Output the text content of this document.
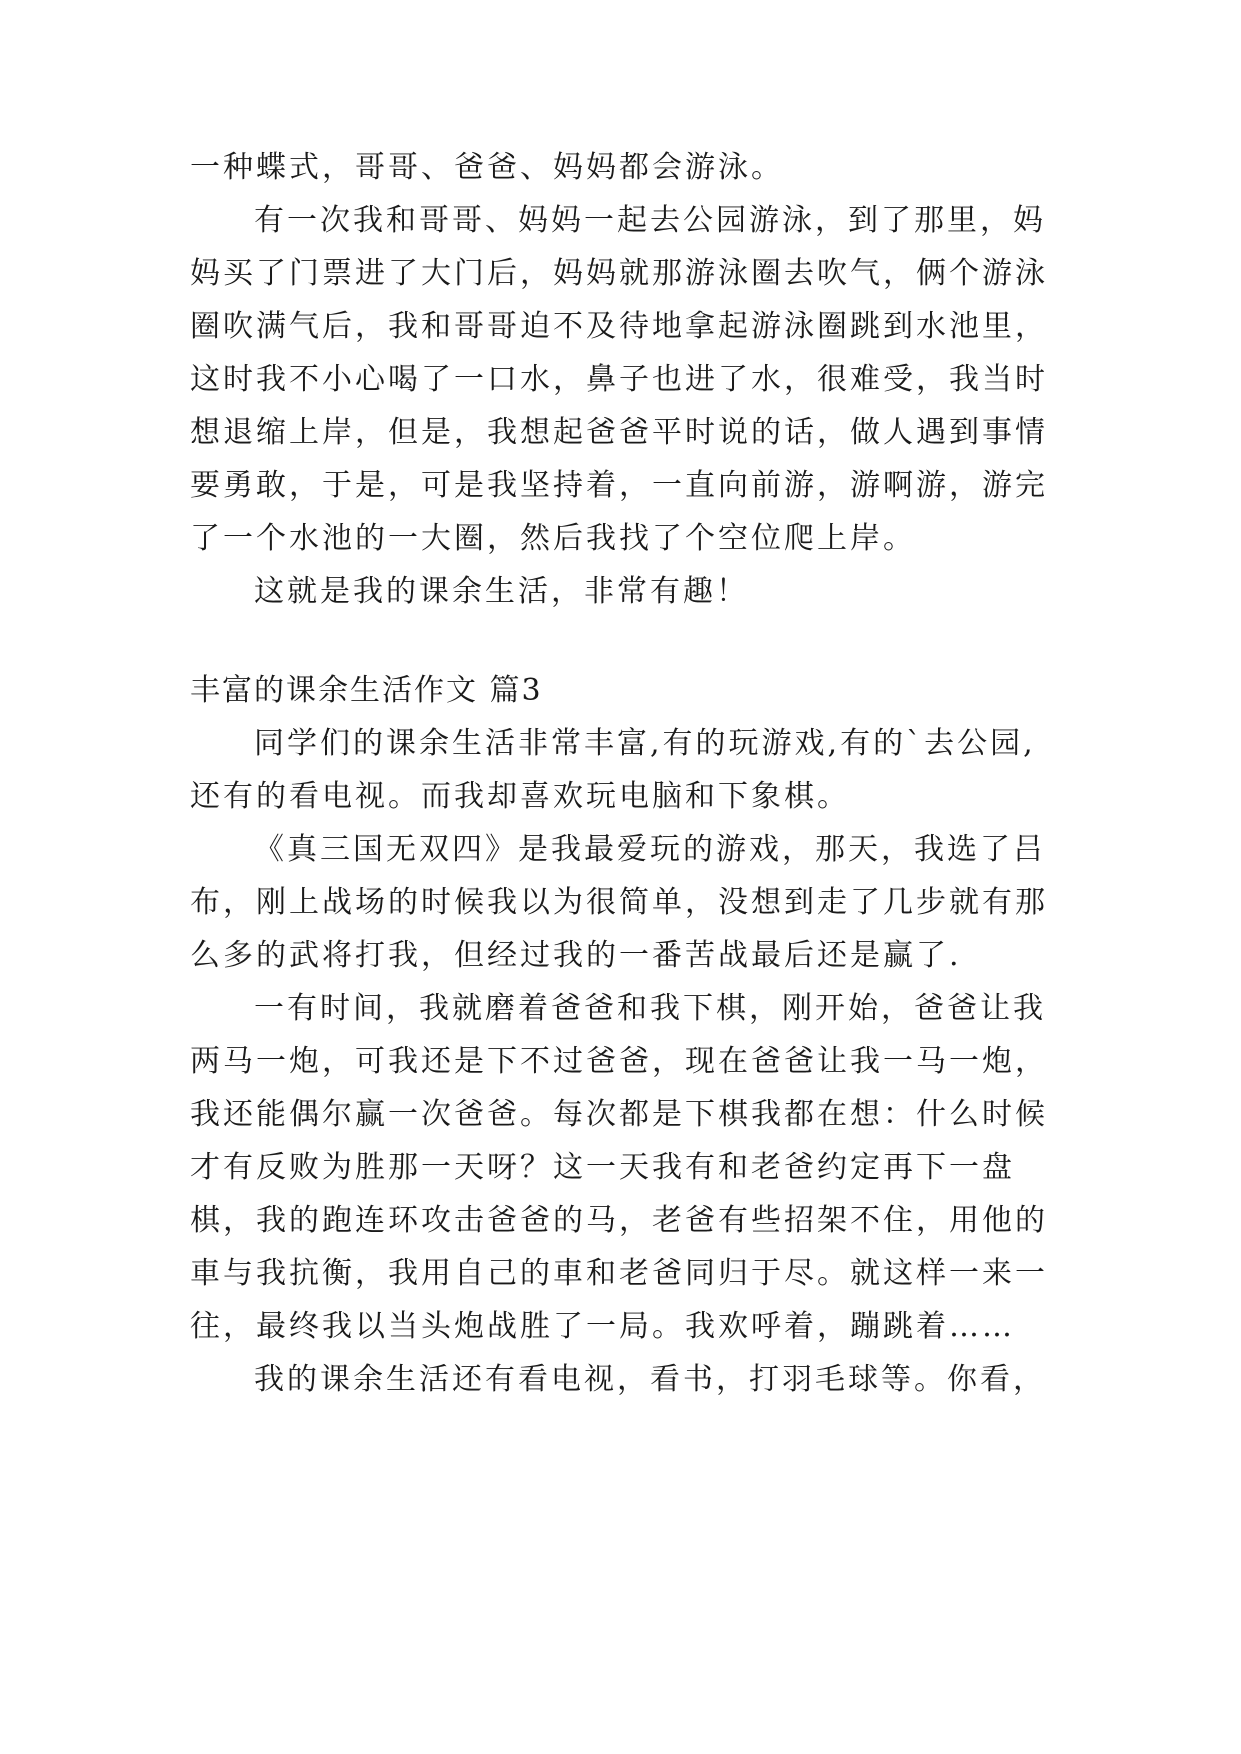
一种蝶式，哥哥、爸爸、妈妈都会游泳。
有一次我和哥哥、妈妈一起去公园游泳，到了那里，妈
妈买了门票进了大门后，妈妈就那游泳圈去吹气，俩个游泳
圈吹满气后，我和哥哥迫不及待地拿起游泳圈跳到水池里，
这时我不小心喝了一口水，鼻子也进了水，很难受，我当时
想退缩上岸，但是，我想起爸爸平时说的话，做人遇到事情
要勇敢，于是，可是我坚持着，一直向前游，游啊游，游完
了一个水池的一大圈，然后我找了个空位爬上岸。
这就是我的课余生活，非常有趣！
丰富的课余生活作文 篇3
同学们的课余生活非常丰富,有的玩游戏,有的`去公园,
还有的看电视。而我却喜欢玩电脑和下象棋。
《真三国无双四》是我最爱玩的游戏，那天，我选了吕
布，刚上战场的时候我以为很简单，没想到走了几步就有那
么多的武将打我，但经过我的一番苦战最后还是赢了.
一有时间，我就磨着爸爸和我下棋，刚开始，爸爸让我
两马一炮，可我还是下不过爸爸，现在爸爸让我一马一炮，
我还能偶尔赢一次爸爸。每次都是下棋我都在想：什么时候
才有反败为胜那一天呀？这一天我有和老爸约定再下一盘
棋，我的跑连环攻击爸爸的马，老爸有些招架不住，用他的
車与我抗衡，我用自己的車和老爸同归于尽。就这样一来一
往，最终我以当头炮战胜了一局。我欢呼着，蹦跳着……
我的课余生活还有看电视，看书，打羽毛球等。你看，
